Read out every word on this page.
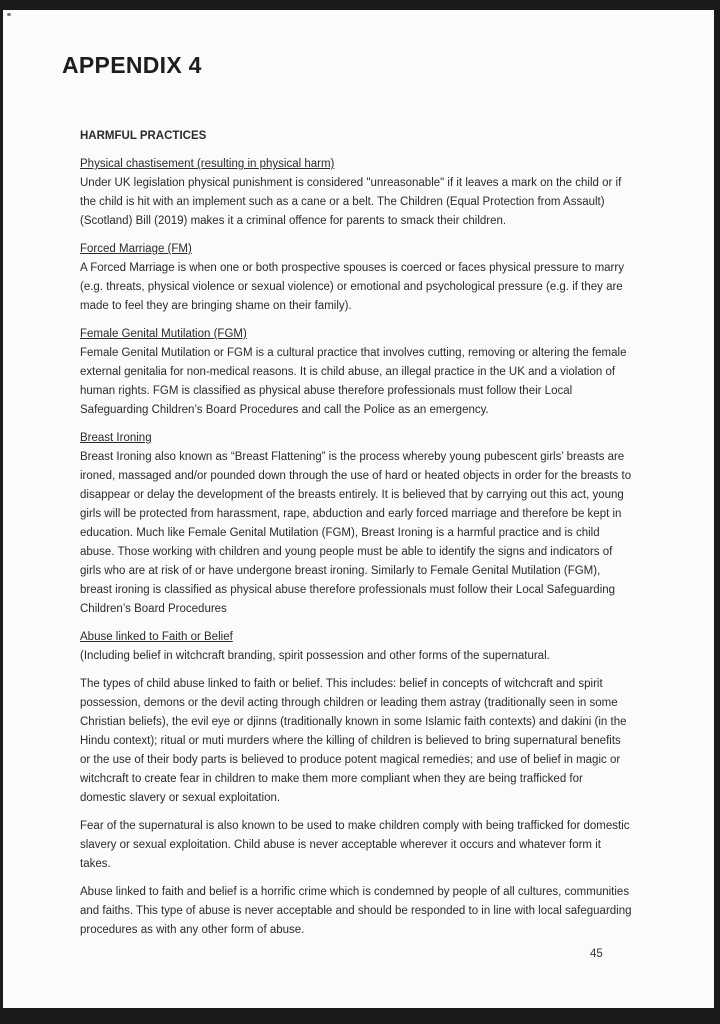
APPENDIX 4
HARMFUL PRACTICES
Physical chastisement (resulting in physical harm)

Under UK legislation physical punishment is considered "unreasonable" if it leaves a mark on the child or if the child is hit with an implement such as a cane or a belt. The Children (Equal Protection from Assault) (Scotland) Bill (2019) makes it a criminal offence for parents to smack their children.

Forced Marriage (FM)

A Forced Marriage is when one or both prospective spouses is coerced or faces physical pressure to marry (e.g. threats, physical violence or sexual violence) or emotional and psychological pressure (e.g. if they are made to feel they are bringing shame on their family).

Female Genital Mutilation (FGM)

Female Genital Mutilation or FGM is a cultural practice that involves cutting, removing or altering the female external genitalia for non-medical reasons. It is child abuse, an illegal practice in the UK and a violation of human rights. FGM is classified as physical abuse therefore professionals must follow their Local Safeguarding Children’s Board Procedures and call the Police as an emergency.

Breast Ironing

Breast Ironing also known as “Breast Flattening” is the process whereby young pubescent girls’ breasts are ironed, massaged and/or pounded down through the use of hard or heated objects in order for the breasts to disappear or delay the development of the breasts entirely. It is believed that by carrying out this act, young girls will be protected from harassment, rape, abduction and early forced marriage and therefore be kept in education. Much like Female Genital Mutilation (FGM), Breast Ironing is a harmful practice and is child abuse. Those working with children and young people must be able to identify the signs and indicators of girls who are at risk of or have undergone breast ironing. Similarly to Female Genital Mutilation (FGM), breast ironing is classified as physical abuse therefore professionals must follow their Local Safeguarding Children’s Board Procedures

Abuse linked to Faith or Belief

(Including belief in witchcraft branding, spirit possession and other forms of the supernatural.

The types of child abuse linked to faith or belief. This includes: belief in concepts of witchcraft and spirit possession, demons or the devil acting through children or leading them astray (traditionally seen in some Christian beliefs), the evil eye or djinns (traditionally known in some Islamic faith contexts) and dakini (in the Hindu context); ritual or muti murders where the killing of children is believed to bring supernatural benefits or the use of their body parts is believed to produce potent magical remedies; and use of belief in magic or witchcraft to create fear in children to make them more compliant when they are being trafficked for domestic slavery or sexual exploitation.

Fear of the supernatural is also known to be used to make children comply with being trafficked for domestic slavery or sexual exploitation. Child abuse is never acceptable wherever it occurs and whatever form it takes.

Abuse linked to faith and belief is a horrific crime which is condemned by people of all cultures, communities and faiths. This type of abuse is never acceptable and should be responded to in line with local safeguarding procedures as with any other form of abuse.

45
